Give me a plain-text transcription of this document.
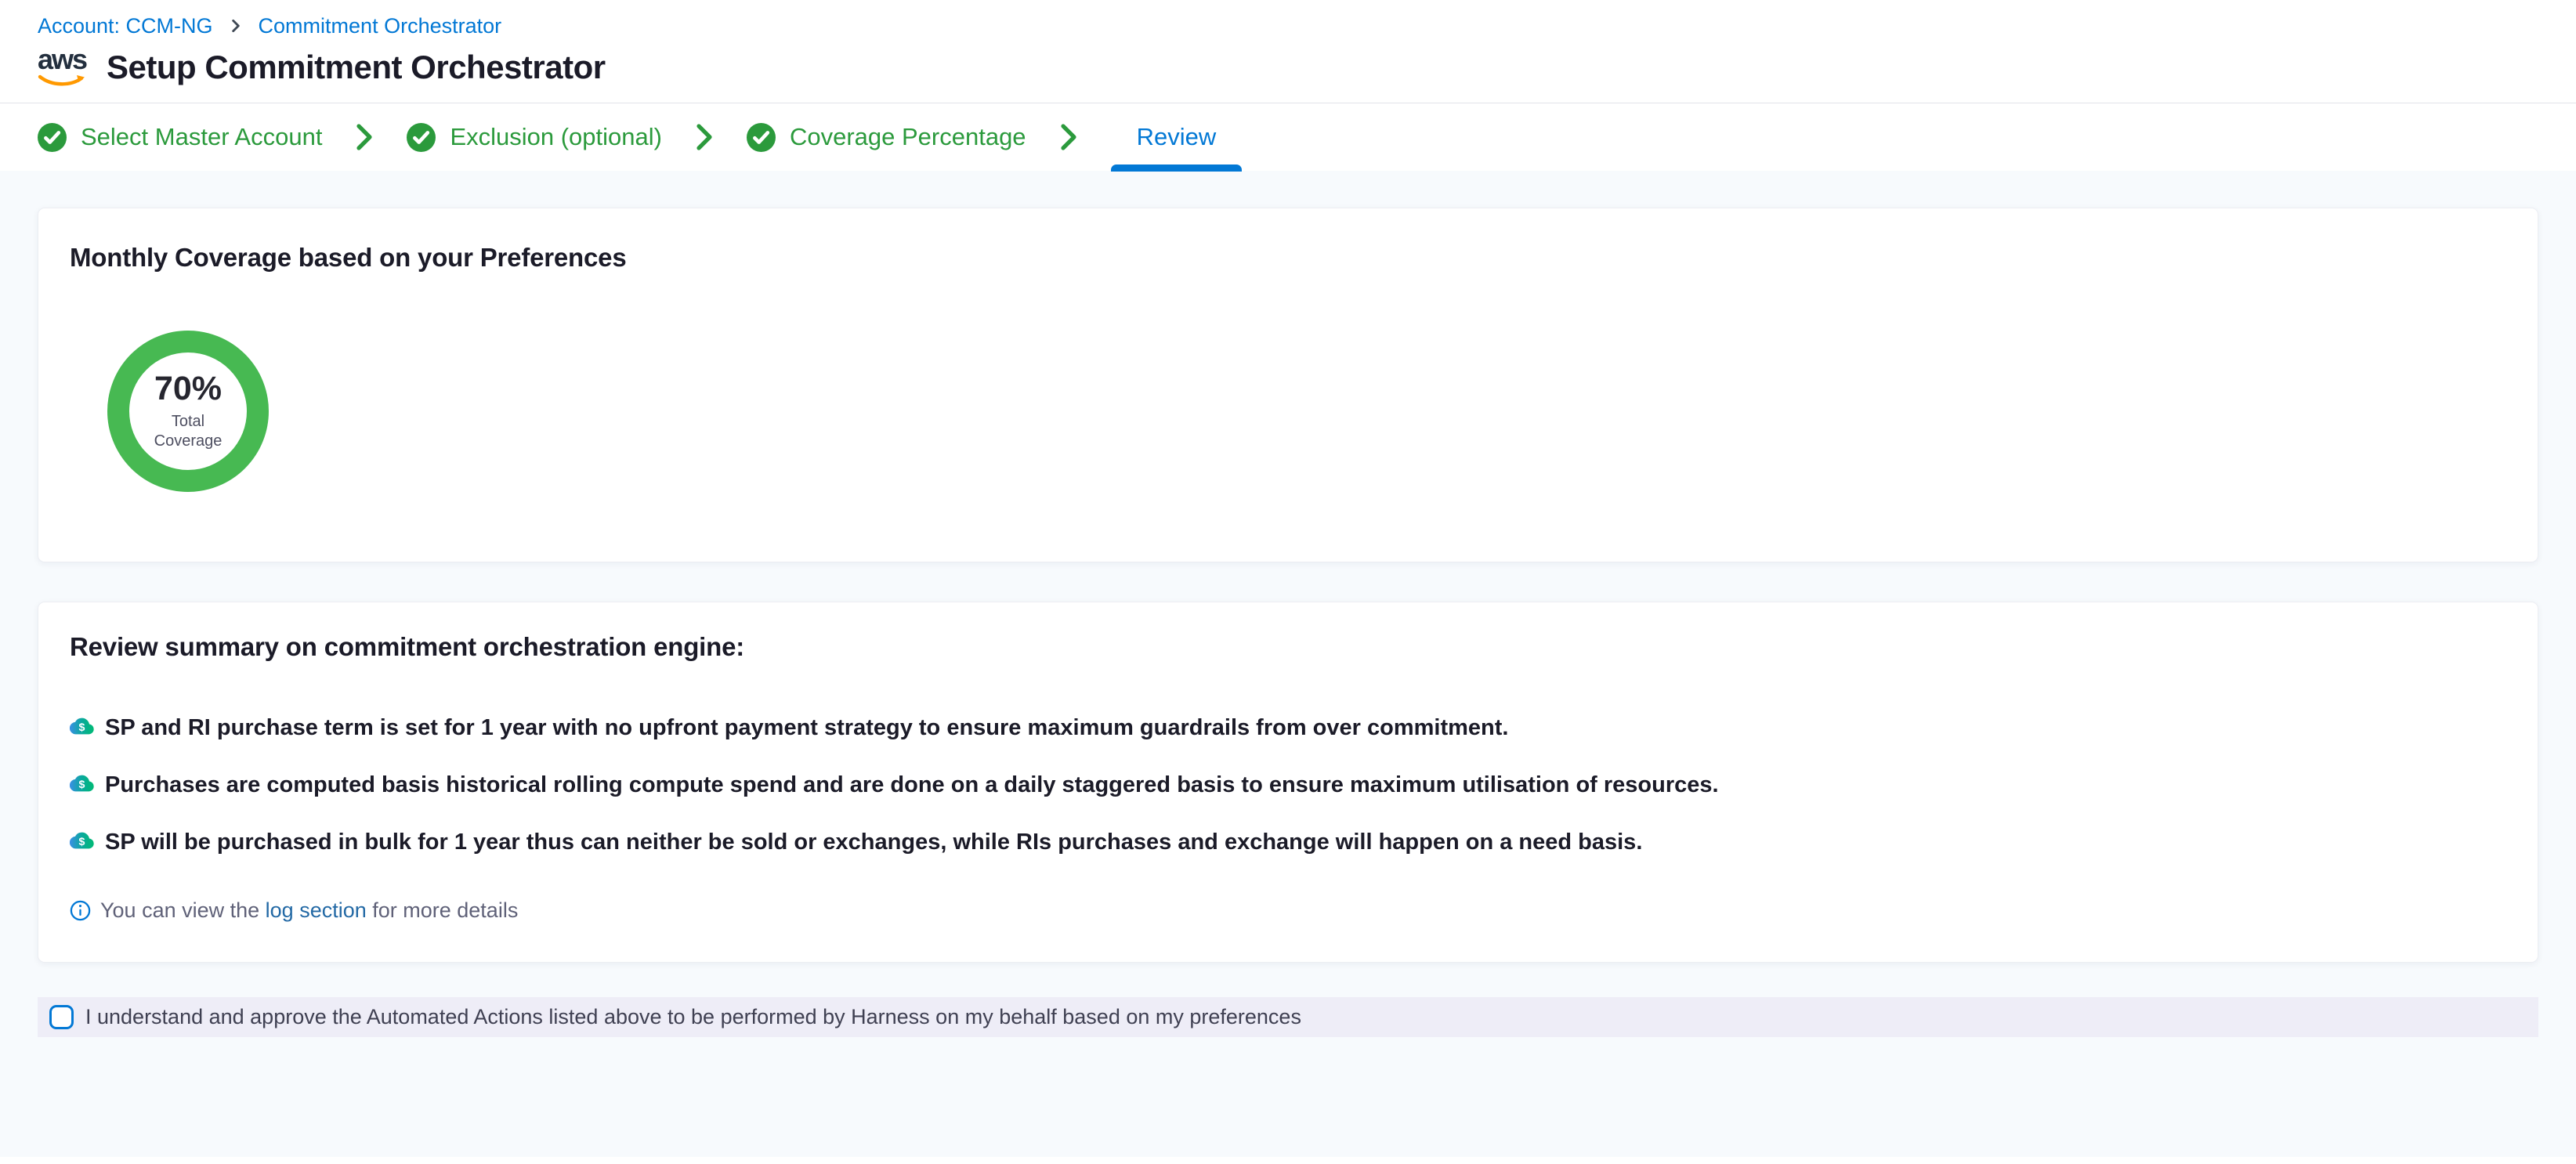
Account: CCM-NG Commitment Orchestrator
aws Setup Commitment Orchestrator
Select Master Account	Exclusion (optional)	Coverage Percentage	Review
Monthly Coverage based on your Preferences
70%
Total Coverage
Review summary on commitment orchestration engine:
$ SP and RI purchase term is set for 1 year with no upfront payment strategy to ensure maximum guardrails from over commitment.
$ Purchases are computed basis historical rolling compute spend and are done on a daily staggered basis to ensure maximum utilisation of resources.
$ SP will be purchased in bulk for 1 year thus can neither be sold or exchanges, while RIs purchases and exchange will happen on a need basis.
You can view the log section for more details
I understand and approve the Automated Actions listed above to be performed by Harness on my behalf based on my preferences
